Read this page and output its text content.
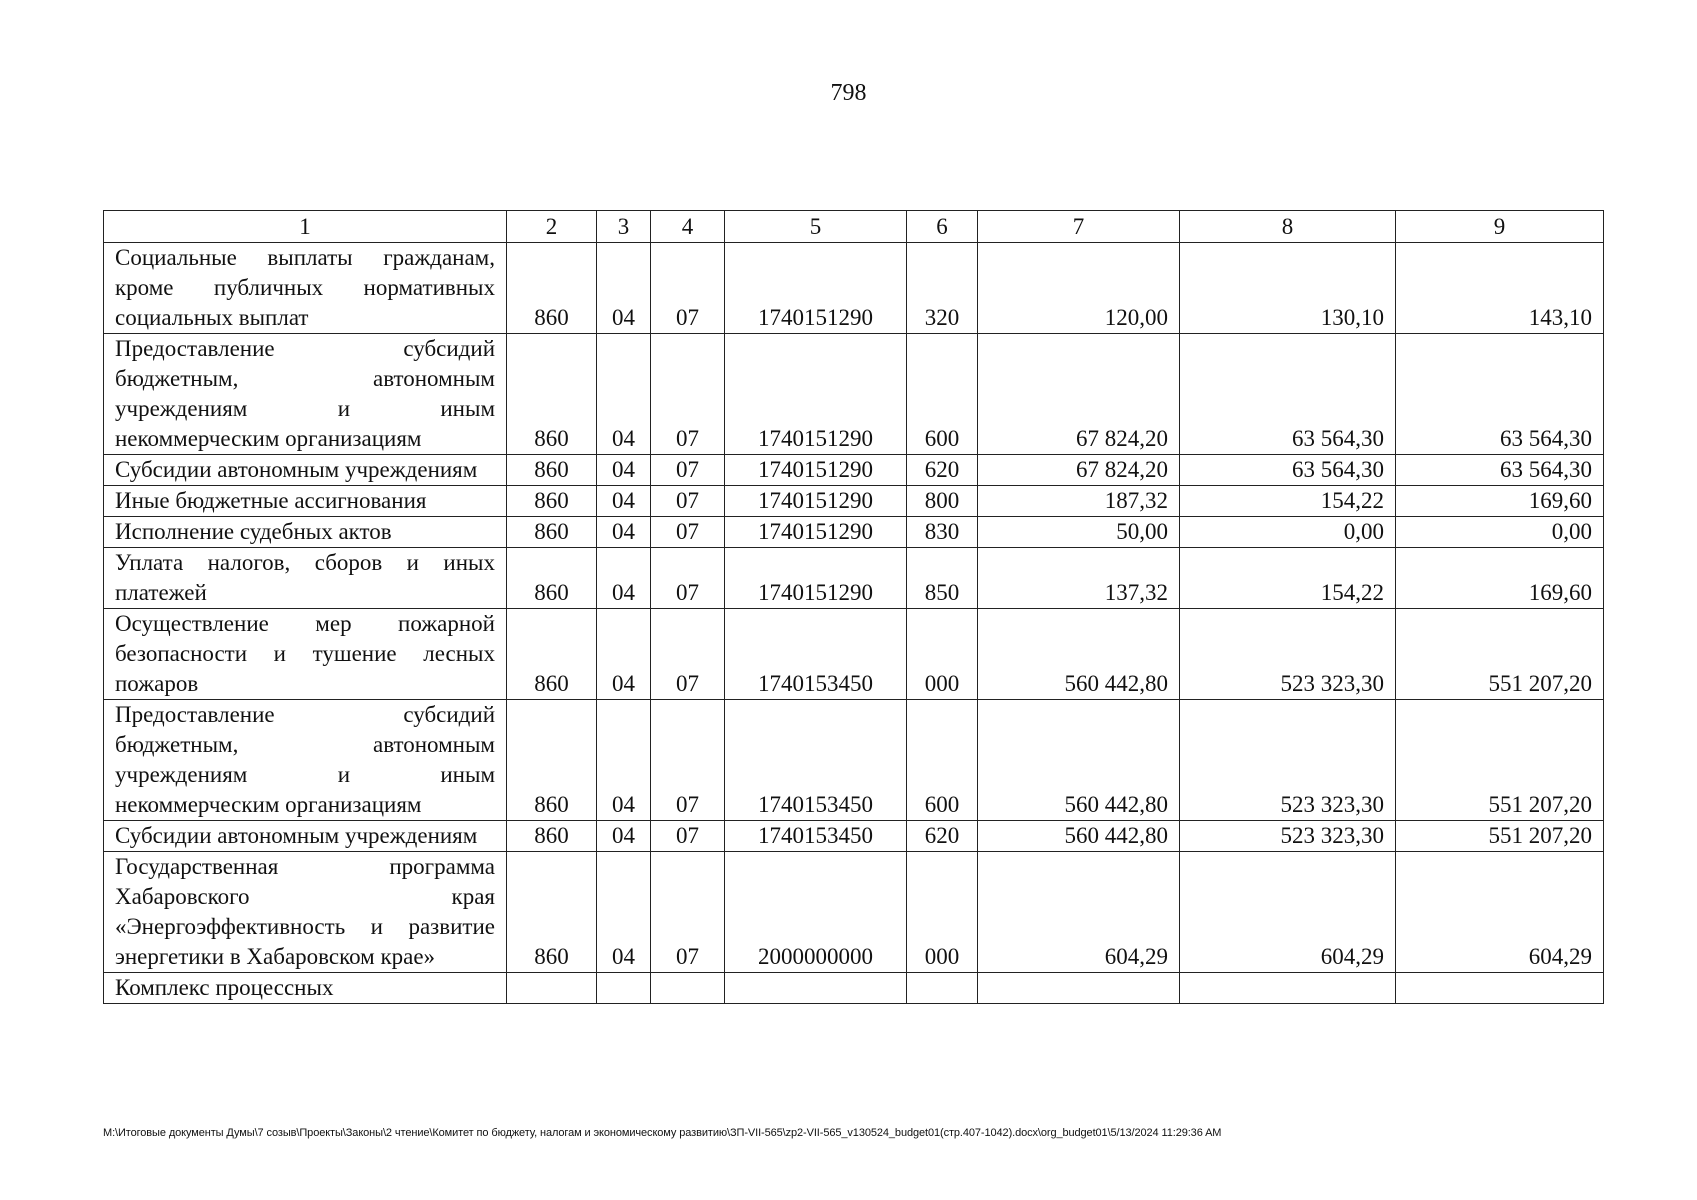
798
1	2	3	4	5	6	7	8	9
Социальные выплаты гражданам, кроме публичных нормативных социальных выплат	860	04	07	1740151290	320	120,00	130,10	143,10
Предоставление субсидий бюджетным, автономным учреждениям и иным некоммерческим организациям	860	04	07	1740151290	600	67 824,20	63 564,30	63 564,30
Субсидии автономным учреждениям	860	04	07	1740151290	620	67 824,20	63 564,30	63 564,30
Иные бюджетные ассигнования	860	04	07	1740151290	800	187,32	154,22	169,60
Исполнение судебных актов	860	04	07	1740151290	830	50,00	0,00	0,00
Уплата налогов, сборов и иных платежей	860	04	07	1740151290	850	137,32	154,22	169,60
Осуществление мер пожарной безопасности и тушение лесных пожаров	860	04	07	1740153450	000	560 442,80	523 323,30	551 207,20
Предоставление субсидий бюджетным, автономным учреждениям и иным некоммерческим организациям	860	04	07	1740153450	600	560 442,80	523 323,30	551 207,20
Субсидии автономным учреждениям	860	04	07	1740153450	620	560 442,80	523 323,30	551 207,20
Государственная программа Хабаровского края «Энергоэффективность и развитие энергетики в Хабаровском крае»	860	04	07	2000000000	000	604,29	604,29	604,29
Комплекс процессных								
M:\Итоговые документы Думы\7 созыв\Проекты\Законы\2 чтение\Комитет по бюджету, налогам и экономическому развитию\ЗП-VII-565\zp2-VII-565_v130524_budget01(стр.407-1042).docx\org_budget01\5/13/2024 11:29:36 AM
